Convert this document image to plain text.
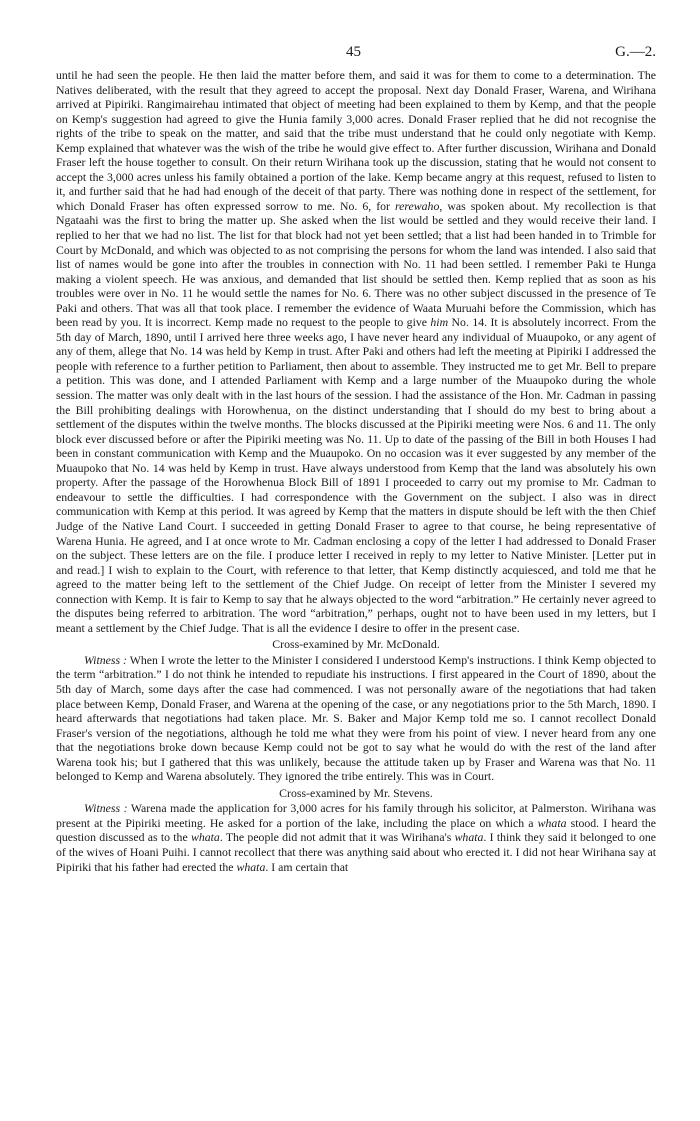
45	G.—2.

until he had seen the people. He then laid the matter before them, and said it was for them to come to a determination. The Natives deliberated, with the result that they agreed to accept the proposal. Next day Donald Fraser, Warena, and Wirihana arrived at Pipiriki. Rangimairehau intimated that object of meeting had been explained to them by Kemp, and that the people on Kemp's suggestion had agreed to give the Hunia family 3,000 acres. Donald Fraser replied that he did not recognise the rights of the tribe to speak on the matter, and said that the tribe must understand that he could only negotiate with Kemp. Kemp explained that whatever was the wish of the tribe he would give effect to. After further discussion, Wirihana and Donald Fraser left the house together to consult. On their return Wirihana took up the discussion, stating that he would not consent to accept the 3,000 acres unless his family obtained a portion of the lake. Kemp became angry at this request, refused to listen to it, and further said that he had had enough of the deceit of that party. There was nothing done in respect of the settlement, for which Donald Fraser has often expressed sorrow to me. No. 6, for rerewaho, was spoken about. My recollection is that Ngataahi was the first to bring the matter up. She asked when the list would be settled and they would receive their land. I replied to her that we had no list. The list for that block had not yet been settled; that a list had been handed in to Trimble for Court by McDonald, and which was objected to as not comprising the persons for whom the land was intended. I also said that list of names would be gone into after the troubles in connection with No. 11 had been settled. I remember Paki te Hunga making a violent speech. He was anxious, and demanded that list should be settled then. Kemp replied that as soon as his troubles were over in No. 11 he would settle the names for No. 6. There was no other subject discussed in the presence of Te Paki and others. That was all that took place. I remember the evidence of Waata Muruahi before the Commission, which has been read by you. It is incorrect. Kemp made no request to the people to give him No. 14. It is absolutely incorrect. From the 5th day of March, 1890, until I arrived here three weeks ago, I have never heard any individual of Muaupoko, or any agent of any of them, allege that No. 14 was held by Kemp in trust. After Paki and others had left the meeting at Pipiriki I addressed the people with reference to a further petition to Parliament, then about to assemble. They instructed me to get Mr. Bell to prepare a petition. This was done, and I attended Parliament with Kemp and a large number of the Muaupoko during the whole session. The matter was only dealt with in the last hours of the session. I had the assistance of the Hon. Mr. Cadman in passing the Bill prohibiting dealings with Horowhenua, on the distinct understanding that I should do my best to bring about a settlement of the disputes within the twelve months. The blocks discussed at the Pipiriki meeting were Nos. 6 and 11. The only block ever discussed before or after the Pipiriki meeting was No. 11. Up to date of the passing of the Bill in both Houses I had been in constant communication with Kemp and the Muaupoko. On no occasion was it ever suggested by any member of the Muaupoko that No. 14 was held by Kemp in trust. Have always understood from Kemp that the land was absolutely his own property. After the passage of the Horowhenua Block Bill of 1891 I proceeded to carry out my promise to Mr. Cadman to endeavour to settle the difficulties. I had correspondence with the Government on the subject. I also was in direct communication with Kemp at this period. It was agreed by Kemp that the matters in dispute should be left with the then Chief Judge of the Native Land Court. I succeeded in getting Donald Fraser to agree to that course, he being representative of Warena Hunia. He agreed, and I at once wrote to Mr. Cadman enclosing a copy of the letter I had addressed to Donald Fraser on the subject. These letters are on the file. I produce letter I received in reply to my letter to Native Minister. [Letter put in and read.] I wish to explain to the Court, with reference to that letter, that Kemp distinctly acquiesced, and told me that he agreed to the matter being left to the settlement of the Chief Judge. On receipt of letter from the Minister I severed my connection with Kemp. It is fair to Kemp to say that he always objected to the word “arbitration.” He certainly never agreed to the disputes being referred to arbitration. The word “arbitration,” perhaps, ought not to have been used in my letters, but I meant a settlement by the Chief Judge. That is all the evidence I desire to offer in the present case.

Cross-examined by Mr. McDonald.

Witness : When I wrote the letter to the Minister I considered I understood Kemp's instructions. I think Kemp objected to the term “arbitration.” I do not think he intended to repudiate his instructions. I first appeared in the Court of 1890, about the 5th day of March, some days after the case had commenced. I was not personally aware of the negotiations that had taken place between Kemp, Donald Fraser, and Warena at the opening of the case, or any negotiations prior to the 5th March, 1890. I heard afterwards that negotiations had taken place. Mr. S. Baker and Major Kemp told me so. I cannot recollect Donald Fraser's version of the negotiations, although he told me what they were from his point of view. I never heard from any one that the negotiations broke down because Kemp could not be got to say what he would do with the rest of the land after Warena took his; but I gathered that this was unlikely, because the attitude taken up by Fraser and Warena was that No. 11 belonged to Kemp and Warena absolutely. They ignored the tribe entirely. This was in Court.

Cross-examined by Mr. Stevens.

Witness : Warena made the application for 3,000 acres for his family through his solicitor, at Palmerston. Wirihana was present at the Pipiriki meeting. He asked for a portion of the lake, including the place on which a whata stood. I heard the question discussed as to the whata. The people did not admit that it was Wirihana's whata. I think they said it belonged to one of the wives of Hoani Puihi. I cannot recollect that there was anything said about who erected it. I did not hear Wirihana say at Pipiriki that his father had erected the whata. I am certain that
